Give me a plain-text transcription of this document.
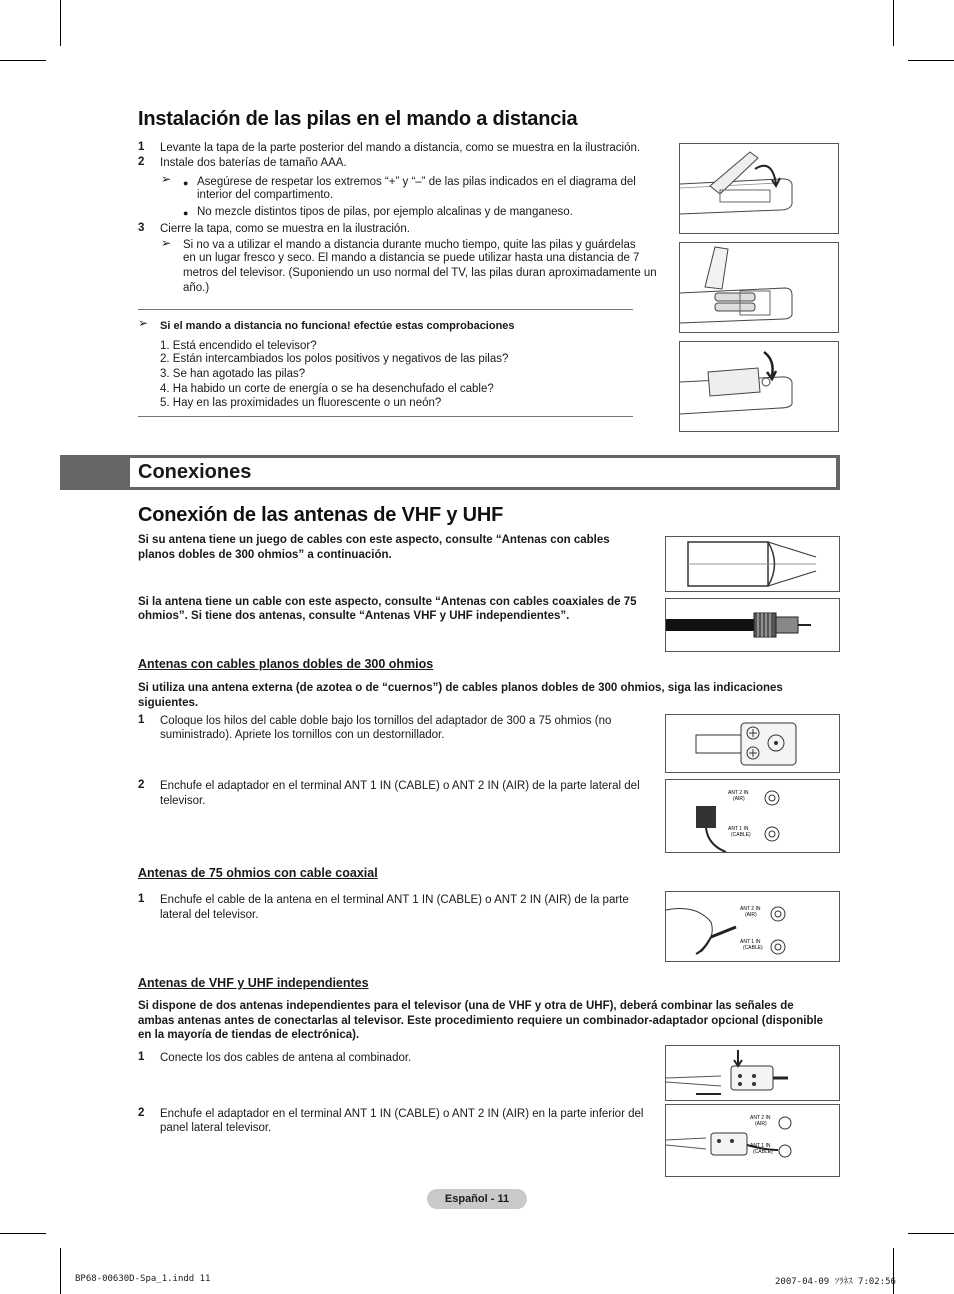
Instalación de las pilas en el mando a distancia
1 Levante la tapa de la parte posterior del mando a distancia, como se muestra en la ilustración.
2 Instale dos baterías de tamaño AAA.
➢ ● Asegúrese de respetar los extremos “+” y “–” de las pilas indicados en el diagrama del
interior del compartimento.
● No mezcle distintos tipos de pilas, por ejemplo alcalinas y de manganeso.
3 Cierre la tapa, como se muestra en la ilustración.
➢ Si no va a utilizar el mando a distancia durante mucho tiempo, quite las pilas y guárdelas
en un lugar fresco y seco. El mando a distancia se puede utilizar hasta una distancia de 7
metros del televisor. (Suponiendo un uso normal del TV, las pilas duran aproximadamente un
año.)
➢ Si el mando a distancia no funciona! efectúe estas comprobaciones
1. Está encendido el televisor?
2. Están intercambiados los polos positivos y negativos de las pilas?
3. Se han agotado las pilas?
4. Ha habido un corte de energía o se ha desenchufado el cable?
5. Hay en las proximidades un fluorescente o un neón?
Conexiones
Conexión de las antenas de VHF y UHF
Si su antena tiene un juego de cables con este aspecto, consulte “Antenas con cables
planos dobles de 300 ohmios” a continuación.
Si la antena tiene un cable con este aspecto, consulte “Antenas con cables coaxiales de 75
ohmios”. Si tiene dos antenas, consulte “Antenas VHF y UHF independientes”.
Antenas con cables planos dobles de 300 ohmios
Si utiliza una antena externa (de azotea o de “cuernos”) de cables planos dobles de 300 ohmios, siga las indicaciones
siguientes.
1 Coloque los hilos del cable doble bajo los tornillos del adaptador de 300 a 75 ohmios (no
suministrado). Apriete los tornillos con un destornillador.
2 Enchufe el adaptador en el terminal ANT 1 IN (CABLE) o ANT 2 IN (AIR) de la parte lateral del
televisor.
ANT 2 IN
(AIR)
ANT 1 IN
(CABLE)
Antenas de 75 ohmios con cable coaxial
1 Enchufe el cable de la antena en el terminal ANT 1 IN (CABLE) o ANT 2 IN (AIR) de la parte
lateral del televisor.	ANT 2 IN
(AIR)
ANT 1 IN
(CABLE)
Antenas de VHF y UHF independientes
Si dispone de dos antenas independientes para el televisor (una de VHF y otra de UHF), deberá combinar las señales de
ambas antenas antes de conectarlas al televisor. Este procedimiento requiere un combinador-adaptador opcional (disponible
en la mayoría de tiendas de electrónica).
1 Conecte los dos cables de antena al combinador.
2 Enchufe el adaptador en el terminal ANT 1 IN (CABLE) o ANT 2 IN (AIR) en la parte inferior del
panel lateral televisor.
ANT 2 IN
(AIR)
ANT 1 IN
(CABLE)
Español - 11
BP68-00630D-Spa_1.indd 11	2007-04-09 ｿﾗﾈｽ 7:02:56
